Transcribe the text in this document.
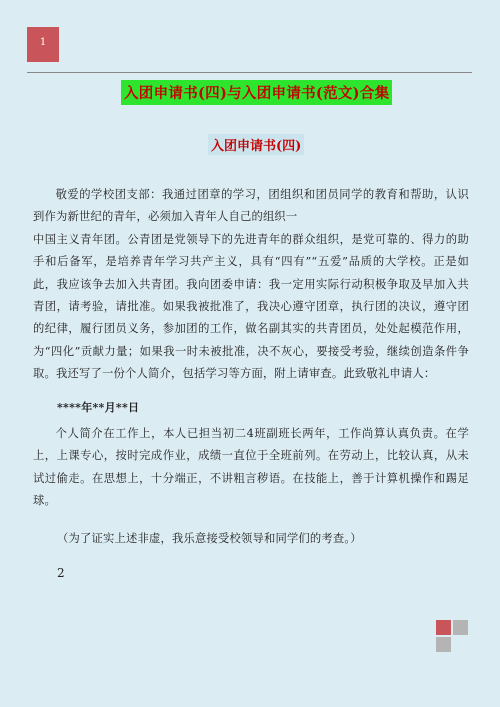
1
入团申请书(四)与入团申请书(范文)合集
入团申请书(四)
敬爱的学校团支部：我通过团章的学习，团组织和团员同学的教育和帮助，认识到作为新世纪的青年，必须加入青年人自己的组织一
中国主义青年团。公青团是党领导下的先进青年的群众组织，是党可靠的、得力的助手和后备军，是培养青年学习共产主义，具有“四有”“五爱”品质的大学校。正是如此，我应该争去加入共青团。我向团委申请：我一定用实际行动积极争取及早加入共青团，请考验，请批准。如果我被批准了，我决心遵守团章，执行团的决议，遵守团的纪律，履行团员义务，参加团的工作，做名副其实的共青团员，处处起模范作用，为“四化”贡献力量；如果我一时未被批准，决不灰心，要接受考验，继续创造条件争取。我还写了一份个人简介，包括学习等方面，附上请审查。此致敬礼申请人：
****年**月**日
个人简介在工作上，本人已担当初二4班副班长两年，工作尚算认真负责。在学上，上课专心，按时完成作业，成绩一直位于全班前列。在劳动上，比较认真，从未试过偷走。在思想上，十分端正，不讲粗言秽语。在技能上，善于计算机操作和踢足球。
（为了证实上述非虚，我乐意接受校领导和同学们的考查。）
2
